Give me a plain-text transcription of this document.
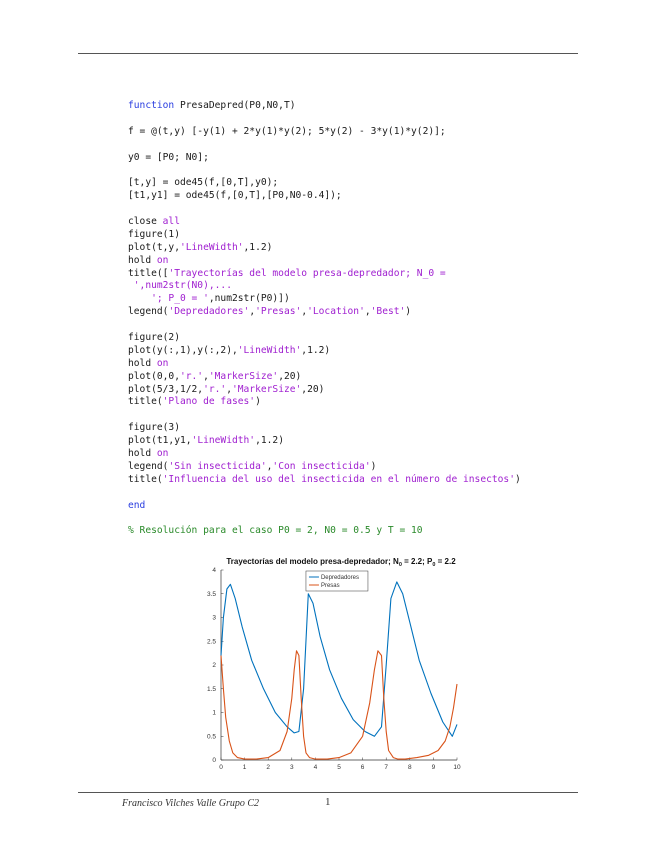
function PresaDepred(P0,N0,T)

f = @(t,y) [-y(1) + 2*y(1)*y(2); 5*y(2) - 3*y(1)*y(2)];

y0 = [P0; N0];

[t,y] = ode45(f,[0,T],y0);
[t1,y1] = ode45(f,[0,T],[P0,N0-0.4]);

close all
figure(1)
plot(t,y,'LineWidth',1.2)
hold on
title(['Trayectorías del modelo presa-depredador; N_0 =
',num2str(N0),...
'; P_0 = ',num2str(P0)])
legend('Depredadores','Presas','Location','Best')

figure(2)
plot(y(:,1),y(:,2),'LineWidth',1.2)
hold on
plot(0,0,'r.','MarkerSize',20)
plot(5/3,1/2,'r.','MarkerSize',20)
title('Plano de fases')

figure(3)
plot(t1,y1,'LineWidth',1.2)
hold on
legend('Sin insecticida','Con insecticida')
title('Influencia del uso del insecticida en el número de insectos')

end

% Resolución para el caso P0 = 2, N0 = 0.5 y T = 10
Trayectorías del modelo presa-depredador; $N_0 = 2.2$; $P_0 = 2.2$
0	1	2	3	4	5	6	7	8	9	10
0
0.5
1
1.5
2
2.5
3
3.5
4
Depredadores
Presas
Francisco Vilches Valle Grupo C2	1
